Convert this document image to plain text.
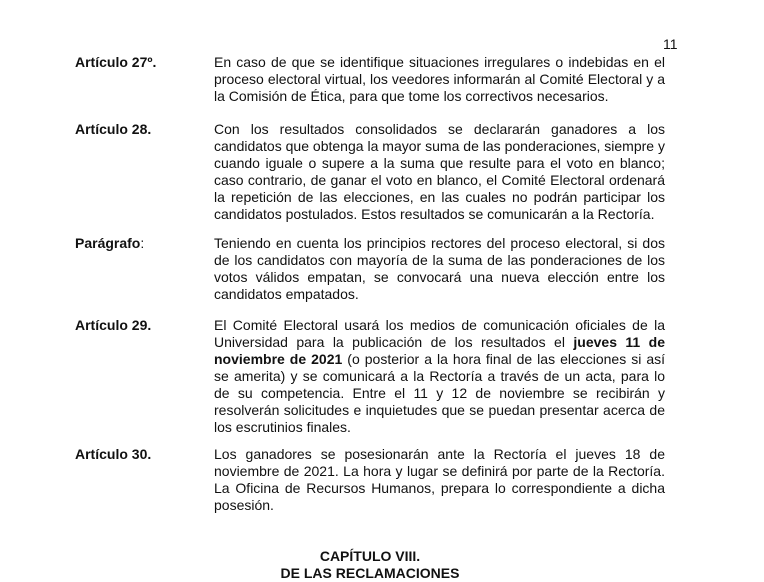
11
Artículo 27º.	En caso de que se identifique situaciones irregulares o indebidas en el proceso electoral virtual, los veedores informarán al Comité Electoral y a la Comisión de Ética, para que tome los correctivos necesarios.
Artículo 28.	Con los resultados consolidados se declararán ganadores a los candidatos que obtenga la mayor suma de las ponderaciones, siempre y cuando iguale o supere a la suma que resulte para el voto en blanco; caso contrario, de ganar el voto en blanco, el Comité Electoral ordenará la repetición de las elecciones, en las cuales no podrán participar los candidatos postulados. Estos resultados se comunicarán a la Rectoría.
Parágrafo:	Teniendo en cuenta los principios rectores del proceso electoral, si dos de los candidatos con mayoría de la suma de las ponderaciones de los votos válidos empatan, se convocará una nueva elección entre los candidatos empatados.
Artículo 29.	El Comité Electoral usará los medios de comunicación oficiales de la Universidad para la publicación de los resultados el jueves 11 de noviembre de 2021 (o posterior a la hora final de las elecciones si así se amerita) y se comunicará a la Rectoría a través de un acta, para lo de su competencia. Entre el 11 y 12 de noviembre se recibirán y resolverán solicitudes e inquietudes que se puedan presentar acerca de los escrutinios finales.
Artículo 30.	Los ganadores se posesionarán ante la Rectoría el jueves 18 de noviembre de 2021. La hora y lugar se definirá por parte de la Rectoría. La Oficina de Recursos Humanos, prepara lo correspondiente a dicha posesión.
CAPÍTULO VIII.
DE LAS RECLAMACIONES
